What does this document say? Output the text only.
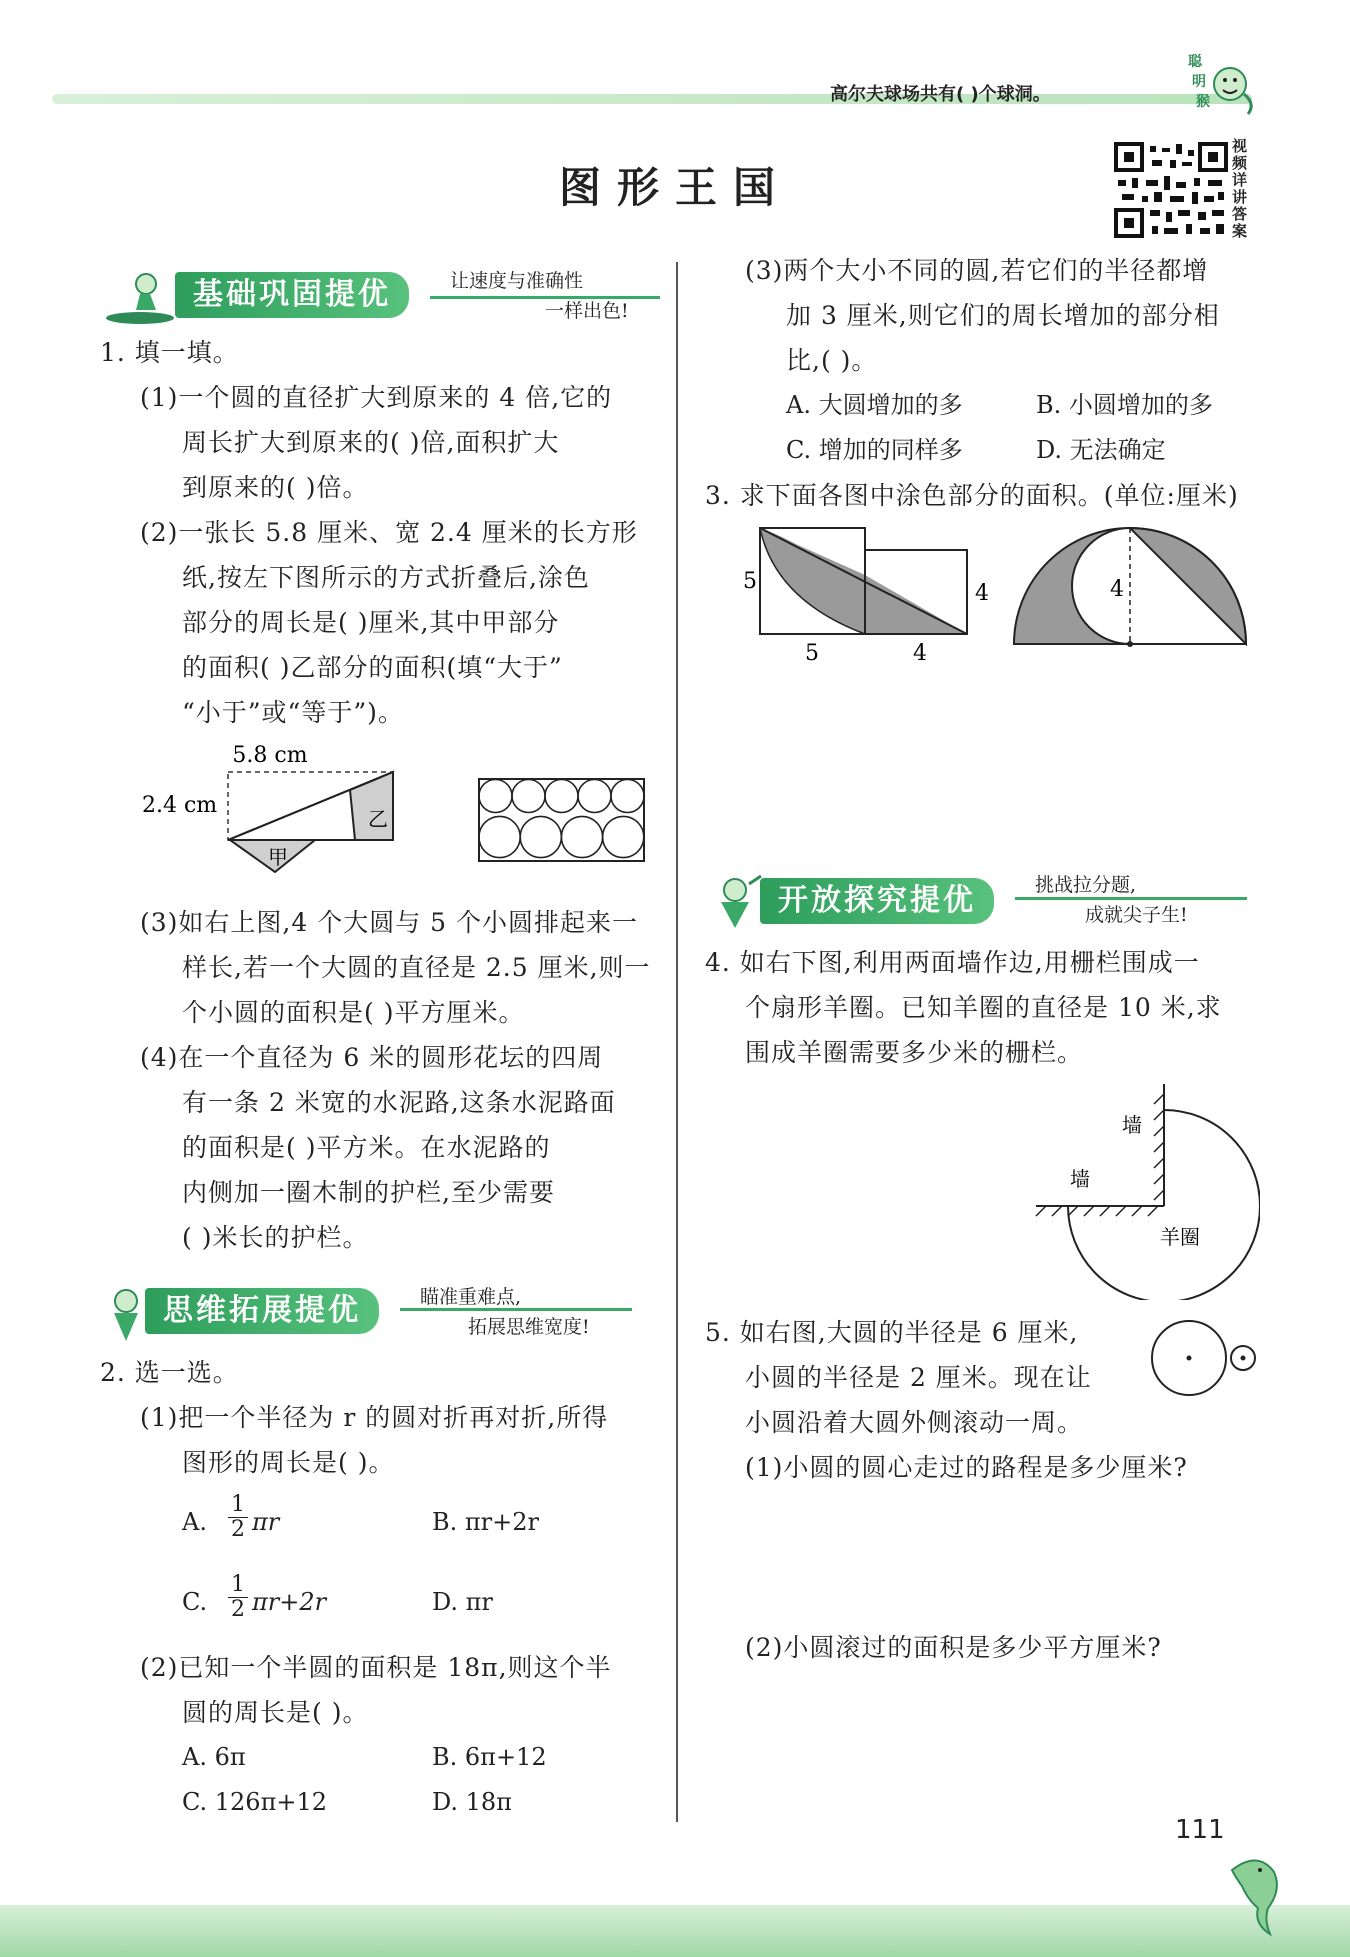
高尔夫球场共有( )个球洞。
聪
明
猴
图形王国
视频详讲答案
基础巩固提优	让速度与准确性
一样出色!
1. 填一填。
(1)一个圆的直径扩大到原来的 4 倍,它的
周长扩大到原来的( )倍,面积扩大
到原来的( )倍。
(2)一张长 5.8 厘米、宽 2.4 厘米的长方形
纸,按左下图所示的方式折叠后,涂色
部分的周长是( )厘米,其中甲部分
的面积( )乙部分的面积(填“大于”
“小于”或“等于”)。
5.8 cm
2.4 cm
甲
乙
(3)如右上图,4 个大圆与 5 个小圆排起来一
样长,若一个大圆的直径是 2.5 厘米,则一
个小圆的面积是( )平方厘米。
(4)在一个直径为 6 米的圆形花坛的四周
有一条 2 米宽的水泥路,这条水泥路面
的面积是( )平方米。在水泥路的
内侧加一圈木制的护栏,至少需要
( )米长的护栏。
思维拓展提优	瞄准重难点,
拓展思维宽度!
2. 选一选。
(1)把一个半径为 r 的圆对折再对折,所得
图形的周长是( )。
A. $\frac{1}{2}$ πr	B. πr+2r
C. $\frac{1}{2} \pi r+2r$	D. πr
(2)已知一个半圆的面积是 18π,则这个半
圆的周长是( )。
A. 6π	B. 6π+12
C. 126π+12	D. 18π
(3)两个大小不同的圆,若它们的半径都增
加 3 厘米,则它们的周长增加的部分相
比,( )。
A. 大圆增加的多	B. 小圆增加的多
C. 增加的同样多	D. 无法确定
3. 求下面各图中涂色部分的面积。(单位:厘米)
5
5
4
4
4
开放探究提优	挑战拉分题,
成就尖子生!
4. 如右下图,利用两面墙作边,用栅栏围成一
个扇形羊圈。已知羊圈的直径是 10 米,求
围成羊圈需要多少米的栅栏。
墙
墙
羊圈
5. 如右图,大圆的半径是 6 厘米,
小圆的半径是 2 厘米。现在让
小圆沿着大圆外侧滚动一周。
(1)小圆的圆心走过的路程是多少厘米?
(2)小圆滚过的面积是多少平方厘米?
111
